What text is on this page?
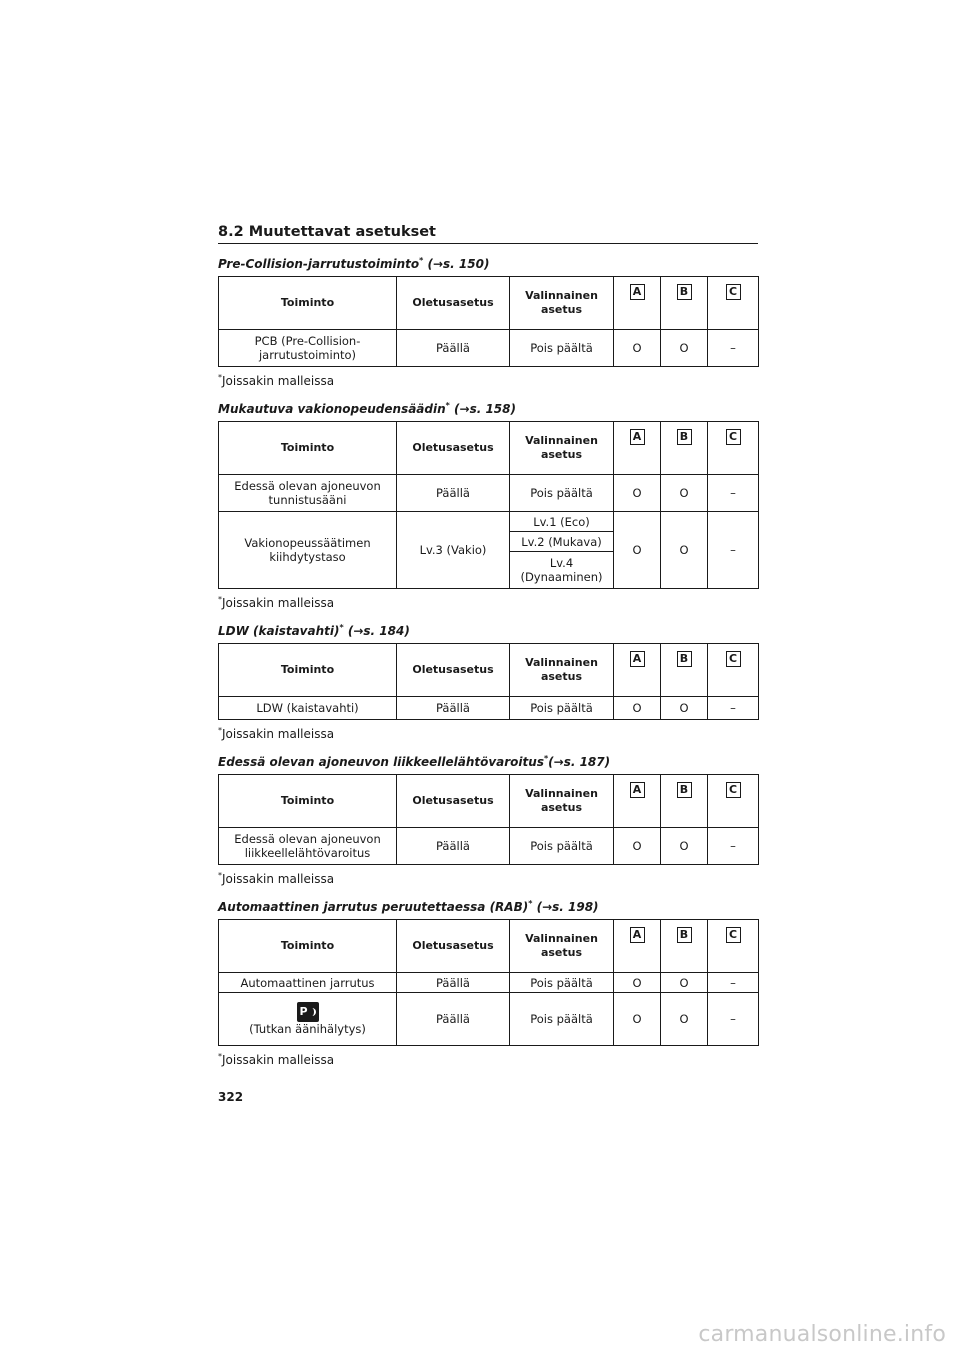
8.2 Muutettavat asetukset
Pre-Collision-jarrutustoiminto* (→s. 150)
Toiminto	Oletusasetus	Valinnainen asetus	A	B	C
PCB (Pre-Collision-jarrutustoiminto)	Päällä	Pois päältä	O	O	–
*Joissakin malleissa
Mukautuva vakionopeudensäädin* (→s. 158)
Toiminto	Oletusasetus	Valinnainen asetus	A	B	C
Edessä olevan ajoneuvon tunnistusääni	Päällä	Pois päältä	O	O	–
Vakionopeussäätimen kiihdytystaso	Lv.3 (Vakio)	Lv.1 (Eco)	O	O	–
		Lv.2 (Mukava)			
		Lv.4 (Dynaaminen)			
*Joissakin malleissa
LDW (kaistavahti)* (→s. 184)
Toiminto	Oletusasetus	Valinnainen asetus	A	B	C
LDW (kaistavahti)	Päällä	Pois päältä	O	O	–
*Joissakin malleissa
Edessä olevan ajoneuvon liikkeellelähtövaroitus*(→s. 187)
Toiminto	Oletusasetus	Valinnainen asetus	A	B	C
Edessä olevan ajoneuvon liikkeellelähtövaroitus	Päällä	Pois päältä	O	O	–
*Joissakin malleissa
Automaattinen jarrutus peruutettaessa (RAB)* (→s. 198)
Toiminto	Oletusasetus	Valinnainen asetus	A	B	C
Automaattinen jarrutus	Päällä	Pois päältä	O	O	–
P
(Tutkan äänihälytys)	Päällä	Pois päältä	O	O	–
*Joissakin malleissa
322
carmanualsonline.info
